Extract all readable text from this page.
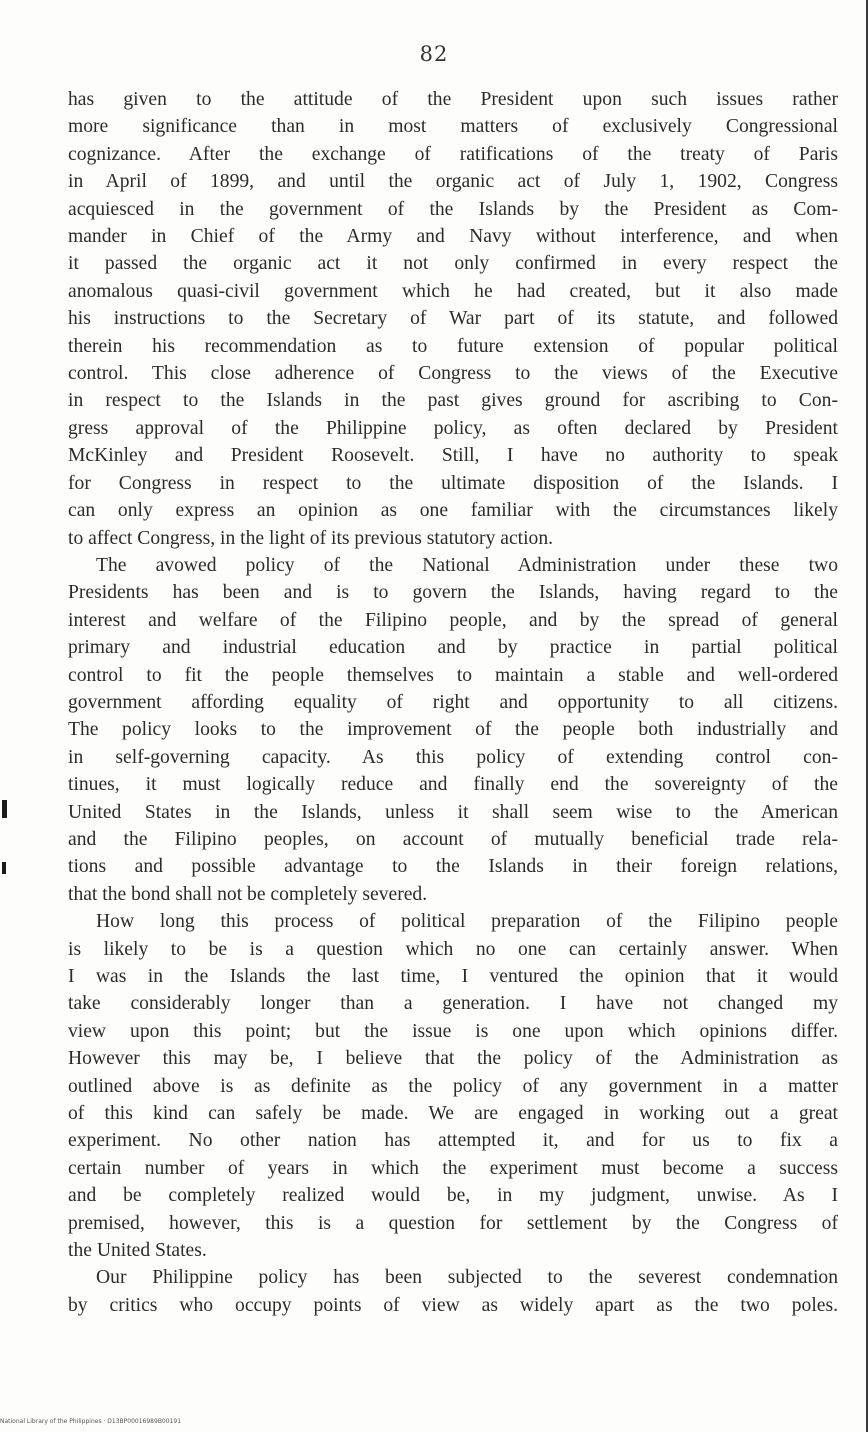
82
has given to the attitude of the President upon such issues rather
more significance than in most matters of exclusively Congressional
cognizance. After the exchange of ratifications of the treaty of Paris
in April of 1899, and until the organic act of July 1, 1902, Congress
acquiesced in the government of the Islands by the President as Com-
mander in Chief of the Army and Navy without interference, and when
it passed the organic act it not only confirmed in every respect the
anomalous quasi-civil government which he had created, but it also made
his instructions to the Secretary of War part of its statute, and followed
therein his recommendation as to future extension of popular political
control. This close adherence of Congress to the views of the Executive
in respect to the Islands in the past gives ground for ascribing to Con-
gress approval of the Philippine policy, as often declared by President
McKinley and President Roosevelt. Still, I have no authority to speak
for Congress in respect to the ultimate disposition of the Islands. I
can only express an opinion as one familiar with the circumstances likely
to affect Congress, in the light of its previous statutory action.
The avowed policy of the National Administration under these two
Presidents has been and is to govern the Islands, having regard to the
interest and welfare of the Filipino people, and by the spread of general
primary and industrial education and by practice in partial political
control to fit the people themselves to maintain a stable and well-ordered
government affording equality of right and opportunity to all citizens.
The policy looks to the improvement of the people both industrially and
in self-governing capacity. As this policy of extending control con-
tinues, it must logically reduce and finally end the sovereignty of the
United States in the Islands, unless it shall seem wise to the American
and the Filipino peoples, on account of mutually beneficial trade rela-
tions and possible advantage to the Islands in their foreign relations,
that the bond shall not be completely severed.
How long this process of political preparation of the Filipino people
is likely to be is a question which no one can certainly answer. When
I was in the Islands the last time, I ventured the opinion that it would
take considerably longer than a generation. I have not changed my
view upon this point; but the issue is one upon which opinions differ.
However this may be, I believe that the policy of the Administration as
outlined above is as definite as the policy of any government in a matter
of this kind can safely be made. We are engaged in working out a great
experiment. No other nation has attempted it, and for us to fix a
certain number of years in which the experiment must become a success
and be completely realized would be, in my judgment, unwise. As I
premised, however, this is a question for settlement by the Congress of
the United States.
Our Philippine policy has been subjected to the severest condemnation
by critics who occupy points of view as widely apart as the two poles.
National Library of the Philippines · D13BP00016989B00191
